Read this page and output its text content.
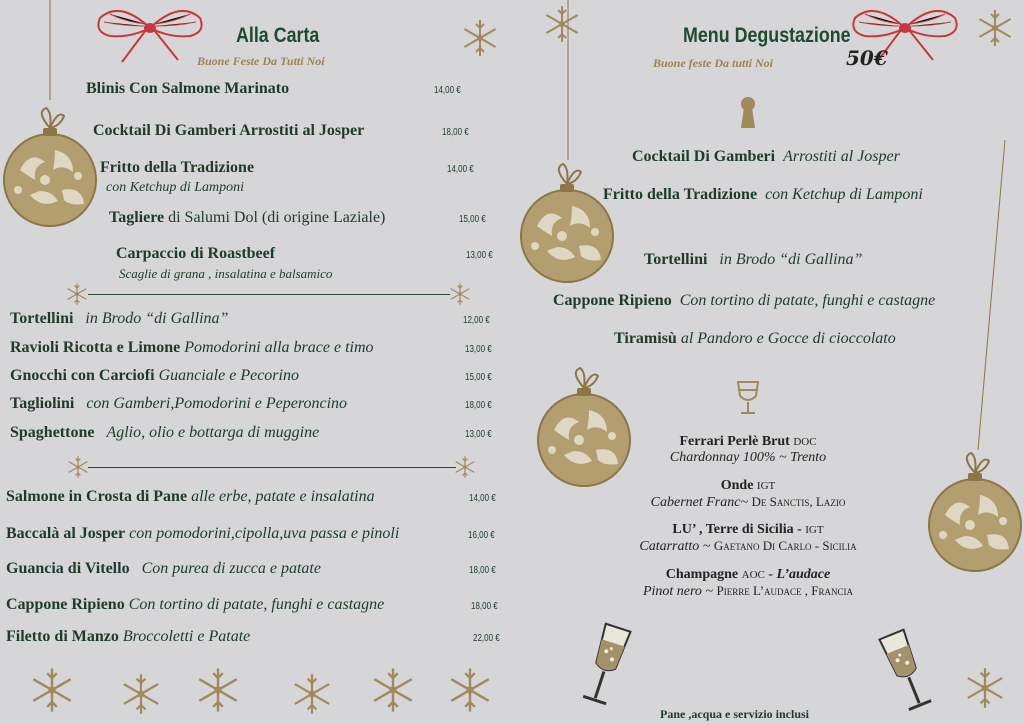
Alla Carta
Buone Feste Da Tutti Noi
Blinis Con Salmone Marinato	14,00 €
Cocktail Di Gamberi Arrostiti al Josper	18,00 €
Fritto della Tradizione
con Ketchup di Lamponi
14,00 €
Tagliere di Salumi Dol (di origine Laziale)	15,00 €
Carpaccio di Roastbeef
Scaglie di grana , insalatina e balsamico
13,00 €
Tortellini in Brodo “di Gallina”	12,00 €
Ravioli Ricotta e Limone Pomodorini alla brace e timo	13,00 €
Gnocchi con Carciofi Guanciale e Pecorino	15,00 €
Tagliolini con Gamberi,Pomodorini e Peperoncino	18,00 €
Spaghettone Aglio, olio e bottarga di muggine	13,00 €
Salmone in Crosta di Pane alle erbe, patate e insalatina	14,00 €
Baccalà al Josper con pomodorini,cipolla,uva passa e pinoli	16,00 €
Guancia di Vitello Con purea di zucca e patate	18,00 €
Cappone Ripieno Con tortino di patate, funghi e castagne	18,00 €
Filetto di Manzo Broccoletti e Patate	22,00 €
Menu Degustazione
Buone feste Da tutti Noi	50€
Cocktail Di Gamberi Arrostiti al Josper
Fritto della Tradizione con Ketchup di Lamponi
Tortellini in Brodo “di Gallina”
Cappone Ripieno Con tortino di patate, funghi e castagne
Tiramisù al Pandoro e Gocce di cioccolato
Ferrari Perlè Brut DOC
Chardonnay 100% ~ Trento
Onde IGT
Cabernet Franc~ De Sanctis, Lazio
LU’ , Terre di Sicilia - IGT
Catarratto ~ Gaetano Di Carlo - Sicilia
Champagne AOC - L’audace
Pinot nero ~ Pierre L’audace , Francia
Pane ,acqua e servizio inclusi
